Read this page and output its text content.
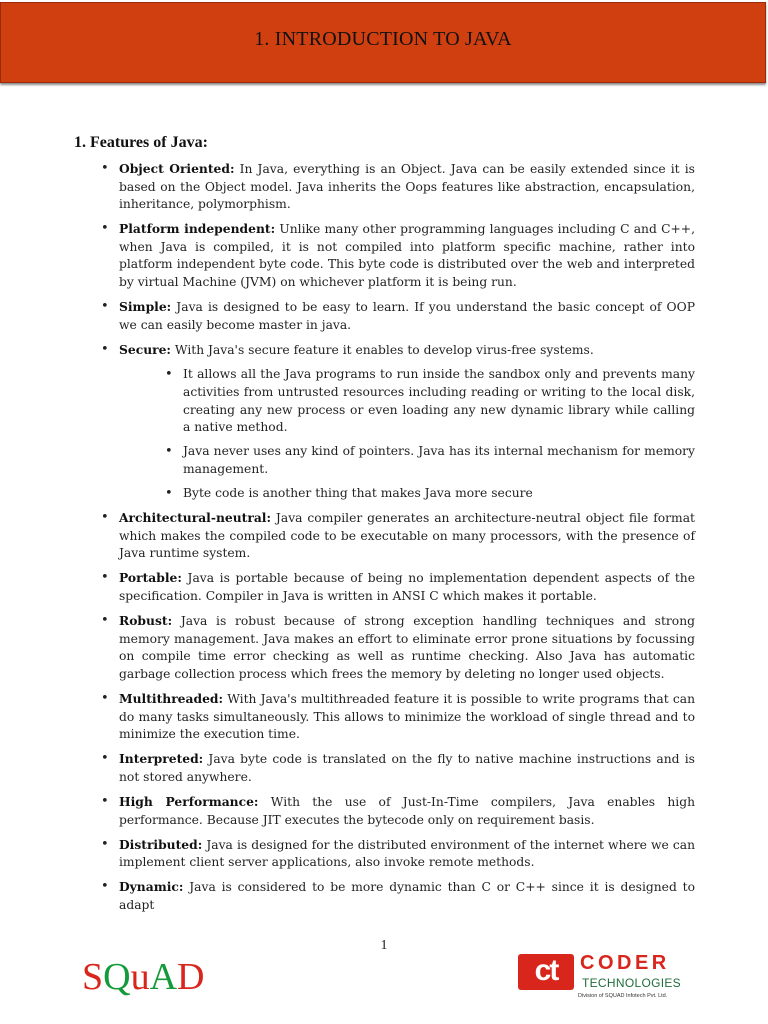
1. INTRODUCTION TO JAVA
1. Features of Java:
• Object Oriented: In Java, everything is an Object. Java can be easily extended since it is based on the Object model. Java inherits the Oops features like abstraction, encapsulation, inheritance, polymorphism.
• Platform independent: Unlike many other programming languages including C and C++, when Java is compiled, it is not compiled into platform specific machine, rather into platform independent byte code. This byte code is distributed over the web and interpreted by virtual Machine (JVM) on whichever platform it is being run.
• Simple: Java is designed to be easy to learn. If you understand the basic concept of OOP we can easily become master in java.
• Secure: With Java's secure feature it enables to develop virus-free systems.
• It allows all the Java programs to run inside the sandbox only and prevents many activities from untrusted resources including reading or writing to the local disk, creating any new process or even loading any new dynamic library while calling a native method.
• Java never uses any kind of pointers. Java has its internal mechanism for memory management.
• Byte code is another thing that makes Java more secure
• Architectural-neutral: Java compiler generates an architecture-neutral object file format which makes the compiled code to be executable on many processors, with the presence of Java runtime system.
• Portable: Java is portable because of being no implementation dependent aspects of the specification. Compiler in Java is written in ANSI C which makes it portable.
• Robust: Java is robust because of strong exception handling techniques and strong memory management. Java makes an effort to eliminate error prone situations by focussing on compile time error checking as well as runtime checking. Also Java has automatic garbage collection process which frees the memory by deleting no longer used objects.
• Multithreaded: With Java's multithreaded feature it is possible to write programs that can do many tasks simultaneously. This allows to minimize the workload of single thread and to minimize the execution time.
• Interpreted: Java byte code is translated on the fly to native machine instructions and is not stored anywhere.
• High Performance: With the use of Just-In-Time compilers, Java enables high performance. Because JIT executes the bytecode only on requirement basis.
• Distributed: Java is designed for the distributed environment of the internet where we can implement client server applications, also invoke remote methods.
• Dynamic: Java is considered to be more dynamic than C or C++ since it is designed to adapt
1
SQuAD	ct	CODER
TECHNOLOGIES
Division of SQUAD Infotech Pvt. Ltd.
